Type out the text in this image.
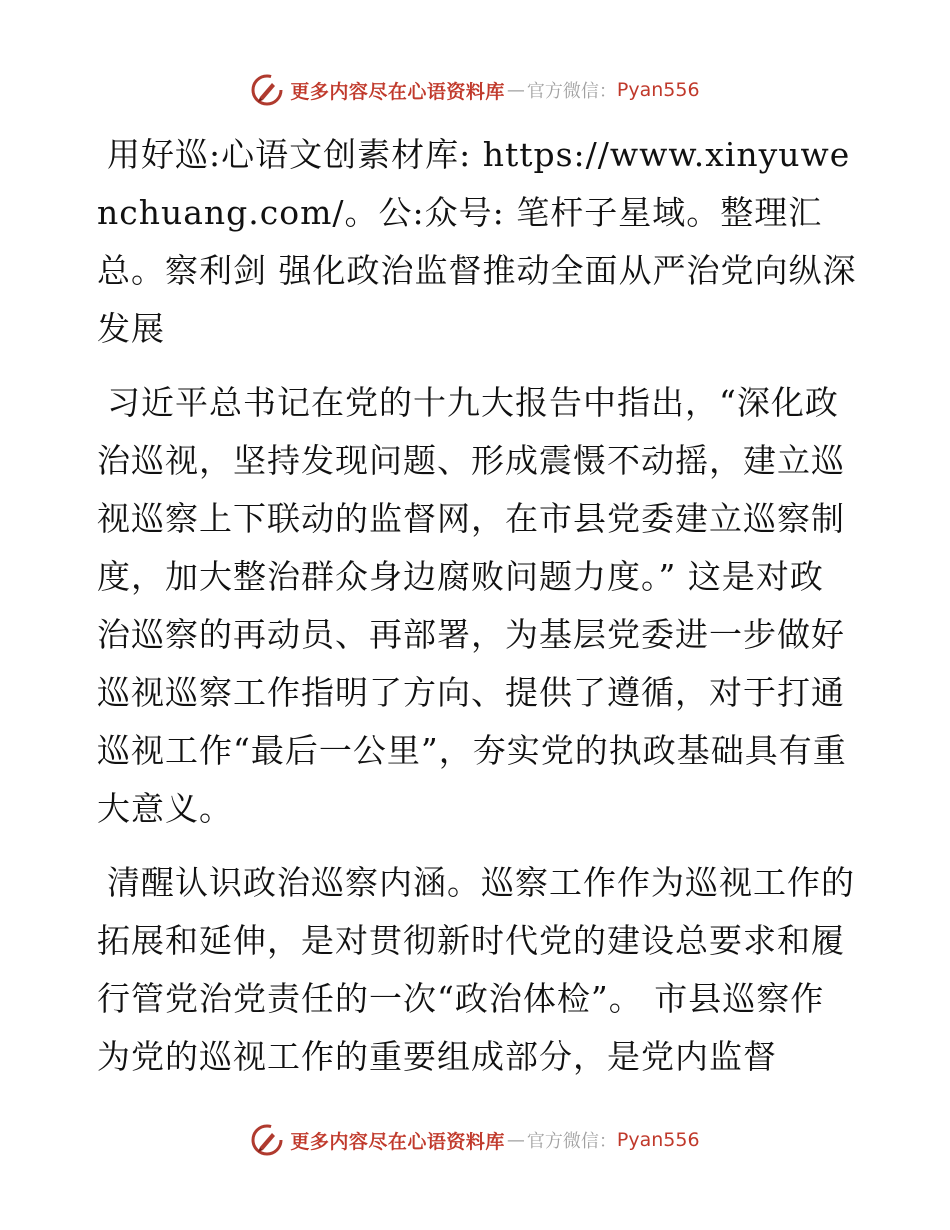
更多内容尽在心语资料库 — 官方微信： Pyan556

用好巡:心语文创素材库: https://www.xinyuwenchuang.com/。公:众号: 笔杆子星域。整理汇总。察利剑 强化政治监督推动全面从严治党向纵深发展

习近平总书记在党的十九大报告中指出，“深化政治巡视，坚持发现问题、形成震慑不动摇，建立巡视巡察上下联动的监督网，在市县党委建立巡察制度，加大整治群众身边腐败问题力度。” 这是对政治巡察的再动员、再部署，为基层党委进一步做好巡视巡察工作指明了方向、提供了遵循，对于打通巡视工作“最后一公里”，夯实党的执政基础具有重大意义。

清醒认识政治巡察内涵。巡察工作作为巡视工作的拓展和延伸，是对贯彻新时代党的建设总要求和履行管党治党责任的一次“政治体检”。 市县巡察作为党的巡视工作的重要组成部分，是党内监督

更多内容尽在心语资料库 — 官方微信： Pyan556
